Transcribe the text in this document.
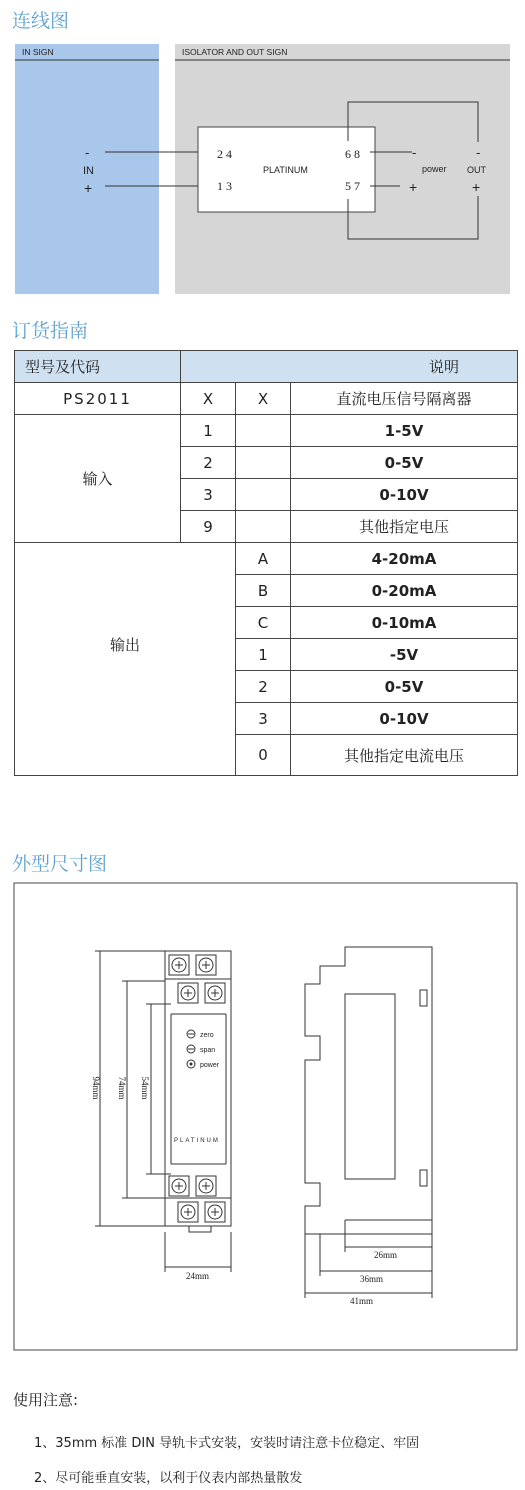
连线图
IN SIGN	ISOLATOR AND OUT SIGN
-
IN
+
2 4
1 3
PLATINUM
6 8
5 7
-
power
+
-
OUT
+
订货指南
型号及代码	说明		
PS2011	X	X	直流电压信号隔离器
输入	1		1-5V
	2		0-5V
	3		0-10V
	9		其他指定电压
输出		A	4-20mA
		B	0-20mA
		C	0-10mA
		1	-5V
		2	0-5V
		3	0-10V
		0	其他指定电流电压
外型尺寸图
zero
span
power
PLATINUM
94mm 74mm 54mm
24mm
26mm
36mm
41mm
使用注意:
1、35mm 标准 DIN 导轨卡式安装，安装时请注意卡位稳定、牢固
2、尽可能垂直安装，以利于仪表内部热量散发
